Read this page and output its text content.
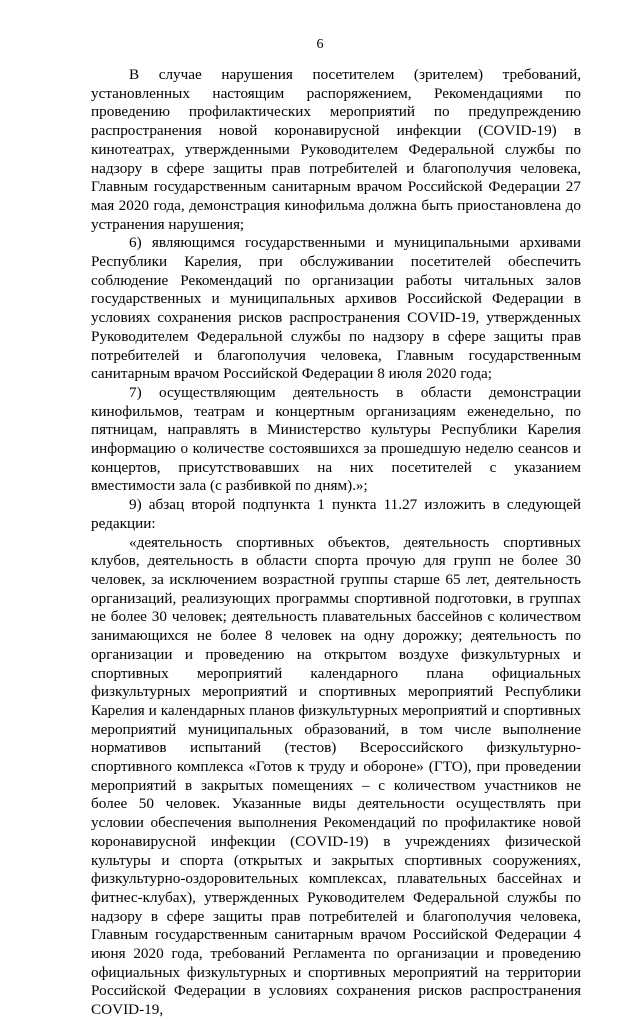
6

В случае нарушения посетителем (зрителем) требований, установленных настоящим распоряжением, Рекомендациями по проведению профилактических мероприятий по предупреждению распространения новой коронавирусной инфекции (COVID-19) в кинотеатрах, утвержденными Руководителем Федеральной службы по надзору в сфере защиты прав потребителей и благополучия человека, Главным государственным санитарным врачом Российской Федерации 27 мая 2020 года, демонстрация кинофильма должна быть приостановлена до устранения нарушения;

6) являющимся государственными и муниципальными архивами Республики Карелия, при обслуживании посетителей обеспечить соблюдение Рекомендаций по организации работы читальных залов государственных и муниципальных архивов Российской Федерации в условиях сохранения рисков распространения COVID-19, утвержденных Руководителем Федеральной службы по надзору в сфере защиты прав потребителей и благополучия человека, Главным государственным санитарным врачом Российской Федерации 8 июля 2020 года;

7) осуществляющим деятельность в области демонстрации кинофильмов, театрам и концертным организациям еженедельно, по пятницам, направлять в Министерство культуры Республики Карелия информацию о количестве состоявшихся за прошедшую неделю сеансов и концертов, присутствовавших на них посетителей с указанием вместимости зала (с разбивкой по дням).»;

9) абзац второй подпункта 1 пункта 11.27 изложить в следующей редакции:

«деятельность спортивных объектов, деятельность спортивных клубов, деятельность в области спорта прочую для групп не более 30 человек, за исключением возрастной группы старше 65 лет, деятельность организаций, реализующих программы спортивной подготовки, в группах не более 30 человек; деятельность плавательных бассейнов с количеством занимающихся не более 8 человек на одну дорожку; деятельность по организации и проведению на открытом воздухе физкультурных и спортивных мероприятий календарного плана официальных физкультурных мероприятий и спортивных мероприятий Республики Карелия и календарных планов физкультурных мероприятий и спортивных мероприятий муниципальных образований, в том числе выполнение нормативов испытаний (тестов) Всероссийского физкультурно-спортивного комплекса «Готов к труду и обороне» (ГТО), при проведении мероприятий в закрытых помещениях – с количеством участников не более 50 человек. Указанные виды деятельности осуществлять при условии обеспечения выполнения Рекомендаций по профилактике новой коронавирусной инфекции (COVID-19) в учреждениях физической культуры и спорта (открытых и закрытых спортивных сооружениях, физкультурно-оздоровительных комплексах, плавательных бассейнах и фитнес-клубах), утвержденных Руководителем Федеральной службы по надзору в сфере защиты прав потребителей и благополучия человека, Главным государственным санитарным врачом Российской Федерации 4 июня 2020 года, требований Регламента по организации и проведению официальных физкультурных и спортивных мероприятий на территории Российской Федерации в условиях сохранения рисков распространения COVID-19,
